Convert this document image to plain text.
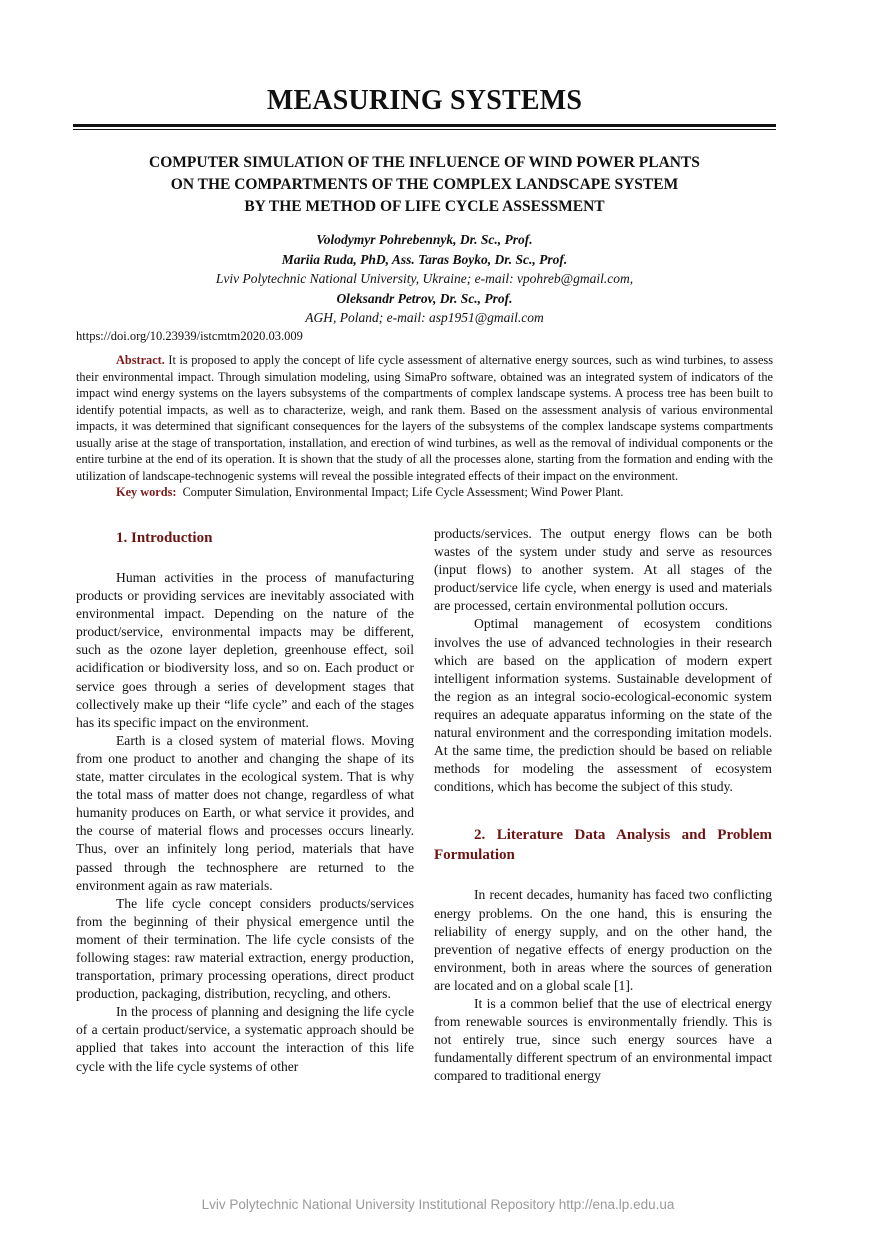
MEASURING SYSTEMS
COMPUTER SIMULATION OF THE INFLUENCE OF WIND POWER PLANTS
ON THE COMPARTMENTS OF THE COMPLEX LANDSCAPE SYSTEM
BY THE METHOD OF LIFE CYCLE ASSESSMENT
Volodymyr Pohrebennyk, Dr. Sc., Prof.
Mariia Ruda, PhD, Ass. Taras Boyko, Dr. Sc., Prof.
Lviv Polytechnic National University, Ukraine; e-mail: vpohreb@gmail.com,
Oleksandr Petrov, Dr. Sc., Prof.
AGH, Poland; e-mail: asp1951@gmail.com
https://doi.org/10.23939/istcmtm2020.03.009

Abstract. It is proposed to apply the concept of life cycle assessment of alternative energy sources, such as wind turbines, to assess their environmental impact. Through simulation modeling, using SimaPro software, obtained was an integrated system of indicators of the impact wind energy systems on the layers subsystems of the compartments of complex landscape systems. A process tree has been built to identify potential impacts, as well as to characterize, weigh, and rank them. Based on the assessment analysis of various environmental impacts, it was determined that significant consequences for the layers of the subsystems of the complex landscape systems compartments usually arise at the stage of transportation, installation, and erection of wind turbines, as well as the removal of individual components or the entire turbine at the end of its operation. It is shown that the study of all the processes alone, starting from the formation and ending with the utilization of landscape-technogenic systems will reveal the possible integrated effects of their impact on the environment.

Key words: Computer Simulation, Environmental Impact; Life Cycle Assessment; Wind Power Plant.

1. Introduction

Human activities in the process of manufacturing products or providing services are inevitably associated with environmental impact. Depending on the nature of the product/service, environmental impacts may be different, such as the ozone layer depletion, greenhouse effect, soil acidification or biodiversity loss, and so on. Each product or service goes through a series of development stages that collectively make up their “life cycle” and each of the stages has its specific impact on the environment.

Earth is a closed system of material flows. Moving from one product to another and changing the shape of its state, matter circulates in the ecological system. That is why the total mass of matter does not change, regardless of what humanity produces on Earth, or what service it provides, and the course of material flows and processes occurs linearly. Thus, over an infinitely long period, materials that have passed through the technosphere are returned to the environment again as raw materials.

The life cycle concept considers products/services from the beginning of their physical emergence until the moment of their termination. The life cycle consists of the following stages: raw material extraction, energy production, transportation, primary processing operations, direct product production, packaging, distribution, recycling, and others.

In the process of planning and designing the life cycle of a certain product/service, a systematic approach should be applied that takes into account the interaction of this life cycle with the life cycle systems of other

products/services. The output energy flows can be both wastes of the system under study and serve as resources (input flows) to another system. At all stages of the product/service life cycle, when energy is used and materials are processed, certain environmental pollution occurs.

Optimal management of ecosystem conditions involves the use of advanced technologies in their research which are based on the application of modern expert intelligent information systems. Sustainable development of the region as an integral socio-ecological-economic system requires an adequate apparatus informing on the state of the natural environment and the corresponding imitation models. At the same time, the prediction should be based on reliable methods for modeling the assessment of ecosystem conditions, which has become the subject of this study.

2. Literature Data Analysis and Problem Formulation

In recent decades, humanity has faced two conflicting energy problems. On the one hand, this is ensuring the reliability of energy supply, and on the other hand, the prevention of negative effects of energy production on the environment, both in areas where the sources of generation are located and on a global scale [1].

It is a common belief that the use of electrical energy from renewable sources is environmentally friendly. This is not entirely true, since such energy sources have a fundamentally different spectrum of an environmental impact compared to traditional energy

Lviv Polytechnic National University Institutional Repository http://ena.lp.edu.ua
